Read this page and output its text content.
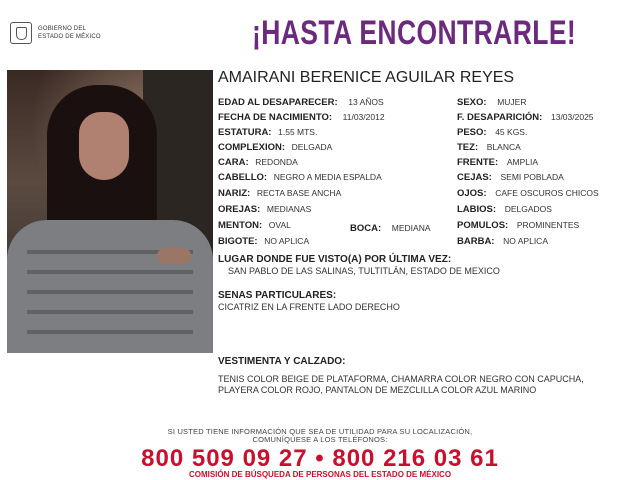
GOBIERNO DEL
ESTADO DE MÉXICO	¡HASTA ENCONTRARLE!
AMAIRANI BERENICE AGUILAR REYES
EDAD AL DESAPARECER: 13 AÑOS
FECHA DE NACIMIENTO: 11/03/2012
ESTATURA: 1.55 MTS.
COMPLEXION: DELGADA
CARA: REDONDA
CABELLO: NEGRO A MEDIA ESPALDA
NARIZ: RECTA BASE ANCHA
OREJAS: MEDIANAS
MENTON: OVAL	BOCA: MEDIANA
BIGOTE: NO APLICA
SEXO: MUJER
F. DESAPARICIÓN: 13/03/2025
PESO: 45 KGS.
TEZ: BLANCA
FRENTE: AMPLIA
CEJAS: SEMI POBLADA
OJOS: CAFE OSCUROS CHICOS
LABIOS: DELGADOS
POMULOS: PROMINENTES
BARBA: NO APLICA
LUGAR DONDE FUE VISTO(A) POR ÚLTIMA VEZ:
SAN PABLO DE LAS SALINAS, TULTITLÁN, ESTADO DE MEXICO
SENAS PARTICULARES:
CICATRIZ EN LA FRENTE LADO DERECHO
VESTIMENTA Y CALZADO:
TENIS COLOR BEIGE DE PLATAFORMA, CHAMARRA COLOR NEGRO CON CAPUCHA,
PLAYERA COLOR ROJO, PANTALON DE MEZCLILLA COLOR AZUL MARINO
SI USTED TIENE INFORMACIÓN QUE SEA DE UTILIDAD PARA SU LOCALIZACIÓN,
COMUNÍQUESE A LOS TELÉFONOS:
800 509 09 27 • 800 216 03 61
COMISIÓN DE BÚSQUEDA DE PERSONAS DEL ESTADO DE MÉXICO
